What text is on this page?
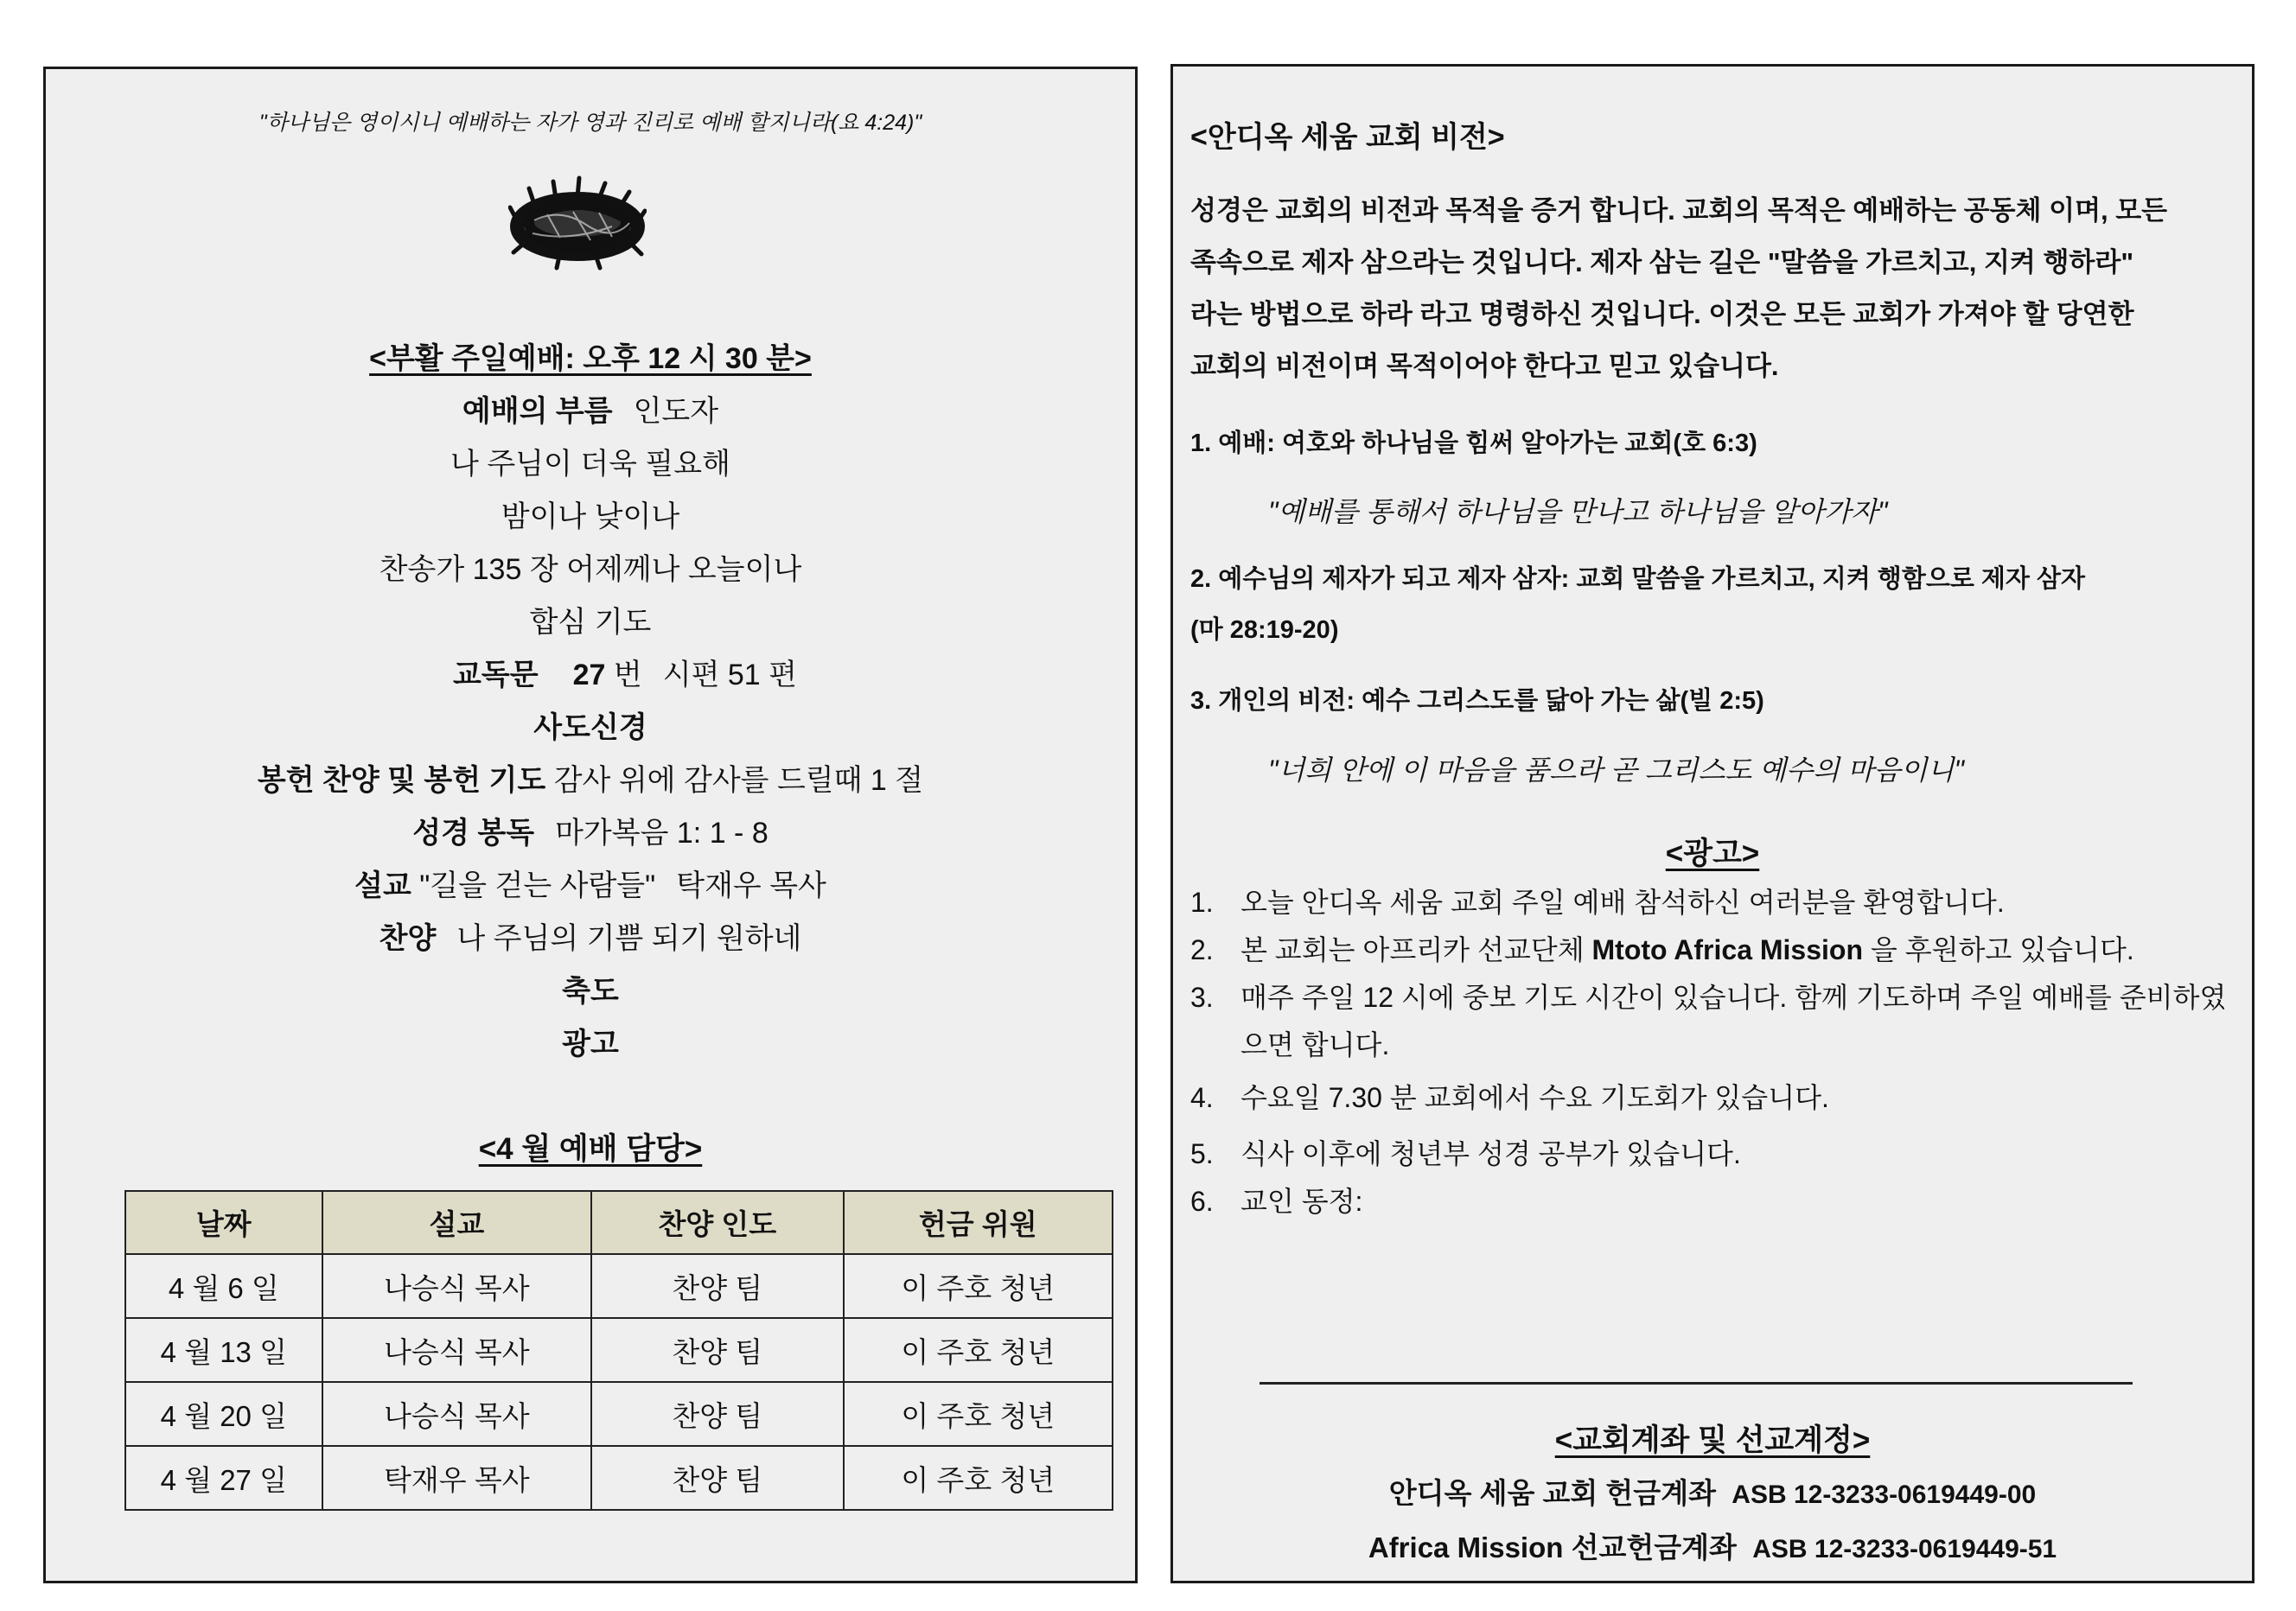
"하나님은 영이시니 예배하는 자가 영과 진리로 예배 할지니라(요 4:24)"
<부활 주일예배: 오후 12 시 30 분>
예배의 부름 인도자
나 주님이 더욱 필요해
밤이나 낮이나
찬송가 135 장 어제께나 오늘이나
합심 기도
교독문 27 번 시편 51 편
사도신경
봉헌 찬양 및 봉헌 기도 감사 위에 감사를 드릴때 1 절
성경 봉독 마가복음 1: 1 - 8
설교 "길을 걷는 사람들" 탁재우 목사
찬양 나 주님의 기쁨 되기 원하네
축도
광고
<4 월 예배 담당>
날짜	설교	찬양 인도	헌금 위원
4 월 6 일	나승식 목사	찬양 팀	이 주호 청년
4 월 13 일	나승식 목사	찬양 팀	이 주호 청년
4 월 20 일	나승식 목사	찬양 팀	이 주호 청년
4 월 27 일	탁재우 목사	찬양 팀	이 주호 청년
<안디옥 세움 교회 비전>
성경은 교회의 비전과 목적을 증거 합니다. 교회의 목적은 예배하는 공동체 이며, 모든
족속으로 제자 삼으라는 것입니다. 제자 삼는 길은 "말씀을 가르치고, 지켜 행하라"
라는 방법으로 하라 라고 명령하신 것입니다. 이것은 모든 교회가 가져야 할 당연한
교회의 비전이며 목적이어야 한다고 믿고 있습니다.
1. 예배: 여호와 하나님을 힘써 알아가는 교회(호 6:3)
"예배를 통해서 하나님을 만나고 하나님을 알아가자"
2. 예수님의 제자가 되고 제자 삼자: 교회 말씀을 가르치고, 지켜 행함으로 제자 삼자
(마 28:19-20)
3. 개인의 비전: 예수 그리스도를 닮아 가는 삶(빌 2:5)
"너희 안에 이 마음을 품으라 곧 그리스도 예수의 마음이니"
<광고>
1. 오늘 안디옥 세움 교회 주일 예배 참석하신 여러분을 환영합니다.
2. 본 교회는 아프리카 선교단체 Mtoto Africa Mission 을 후원하고 있습니다.
3. 매주 주일 12 시에 중보 기도 시간이 있습니다. 함께 기도하며 주일 예배를 준비하였으면 합니다.
4. 수요일 7.30 분 교회에서 수요 기도회가 있습니다.
5. 식사 이후에 청년부 성경 공부가 있습니다.
6. 교인 동정:
<교회계좌 및 선교계정>
안디옥 세움 교회 헌금계좌 ASB 12-3233-0619449-00
Africa Mission 선교헌금계좌 ASB 12-3233-0619449-51
